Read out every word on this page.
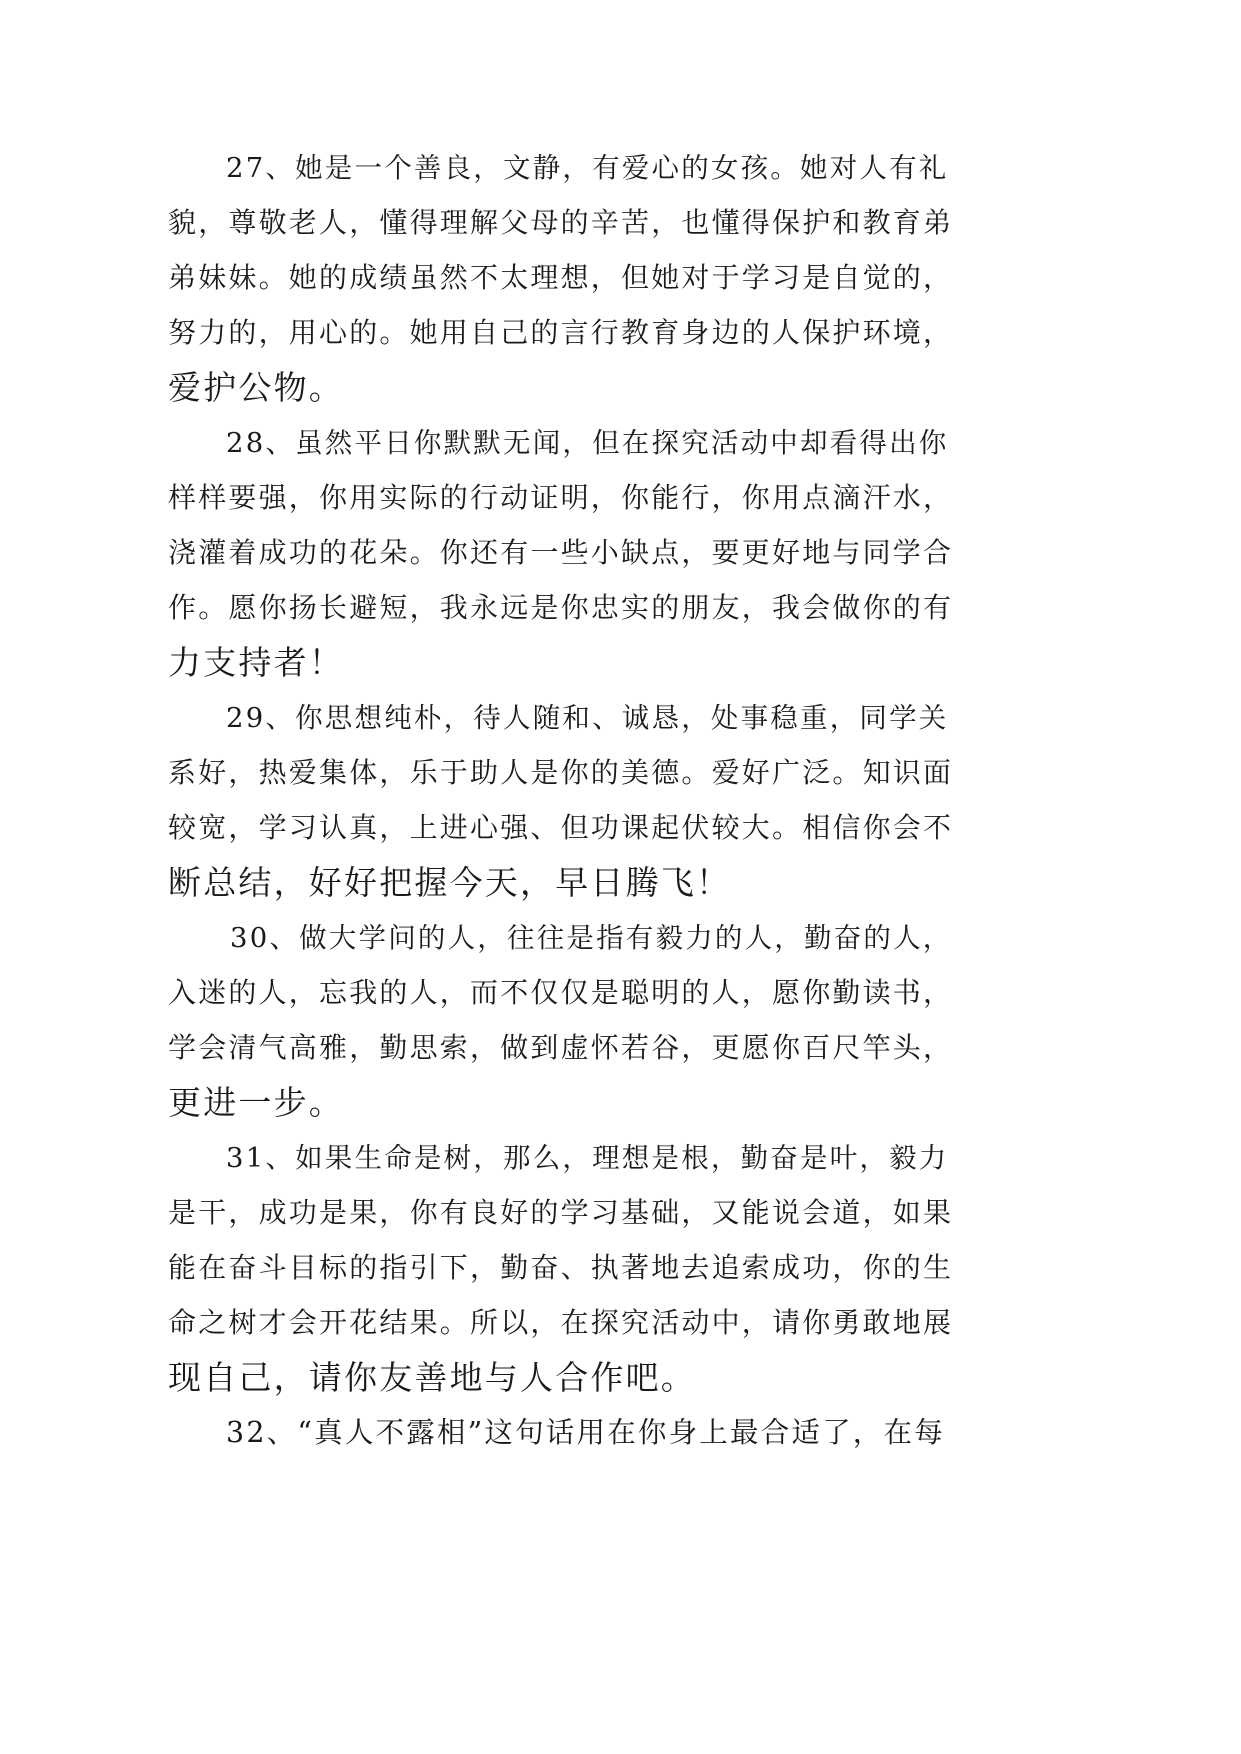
27、她是一个善良，文静，有爱心的女孩。她对人有礼
貌，尊敬老人，懂得理解父母的辛苦，也懂得保护和教育弟
弟妹妹。她的成绩虽然不太理想，但她对于学习是自觉的，
努力的，用心的。她用自己的言行教育身边的人保护环境，
爱护公物。
28、虽然平日你默默无闻，但在探究活动中却看得出你
样样要强，你用实际的行动证明，你能行，你用点滴汗水，
浇灌着成功的花朵。你还有一些小缺点，要更好地与同学合
作。愿你扬长避短，我永远是你忠实的朋友，我会做你的有
力支持者！
29、你思想纯朴，待人随和、诚恳，处事稳重，同学关
系好，热爱集体，乐于助人是你的美德。爱好广泛。知识面
较宽，学习认真，上进心强、但功课起伏较大。相信你会不
断总结，好好把握今天，早日腾飞！
30、做大学问的人，往往是指有毅力的人，勤奋的人，
入迷的人，忘我的人，而不仅仅是聪明的人，愿你勤读书，
学会清气高雅，勤思索，做到虚怀若谷，更愿你百尺竿头，
更进一步。
31、如果生命是树，那么，理想是根，勤奋是叶，毅力
是干，成功是果，你有良好的学习基础，又能说会道，如果
能在奋斗目标的指引下，勤奋、执著地去追索成功，你的生
命之树才会开花结果。所以，在探究活动中，请你勇敢地展
现自己，请你友善地与人合作吧。
32、“真人不露相”这句话用在你身上最合适了，在每
